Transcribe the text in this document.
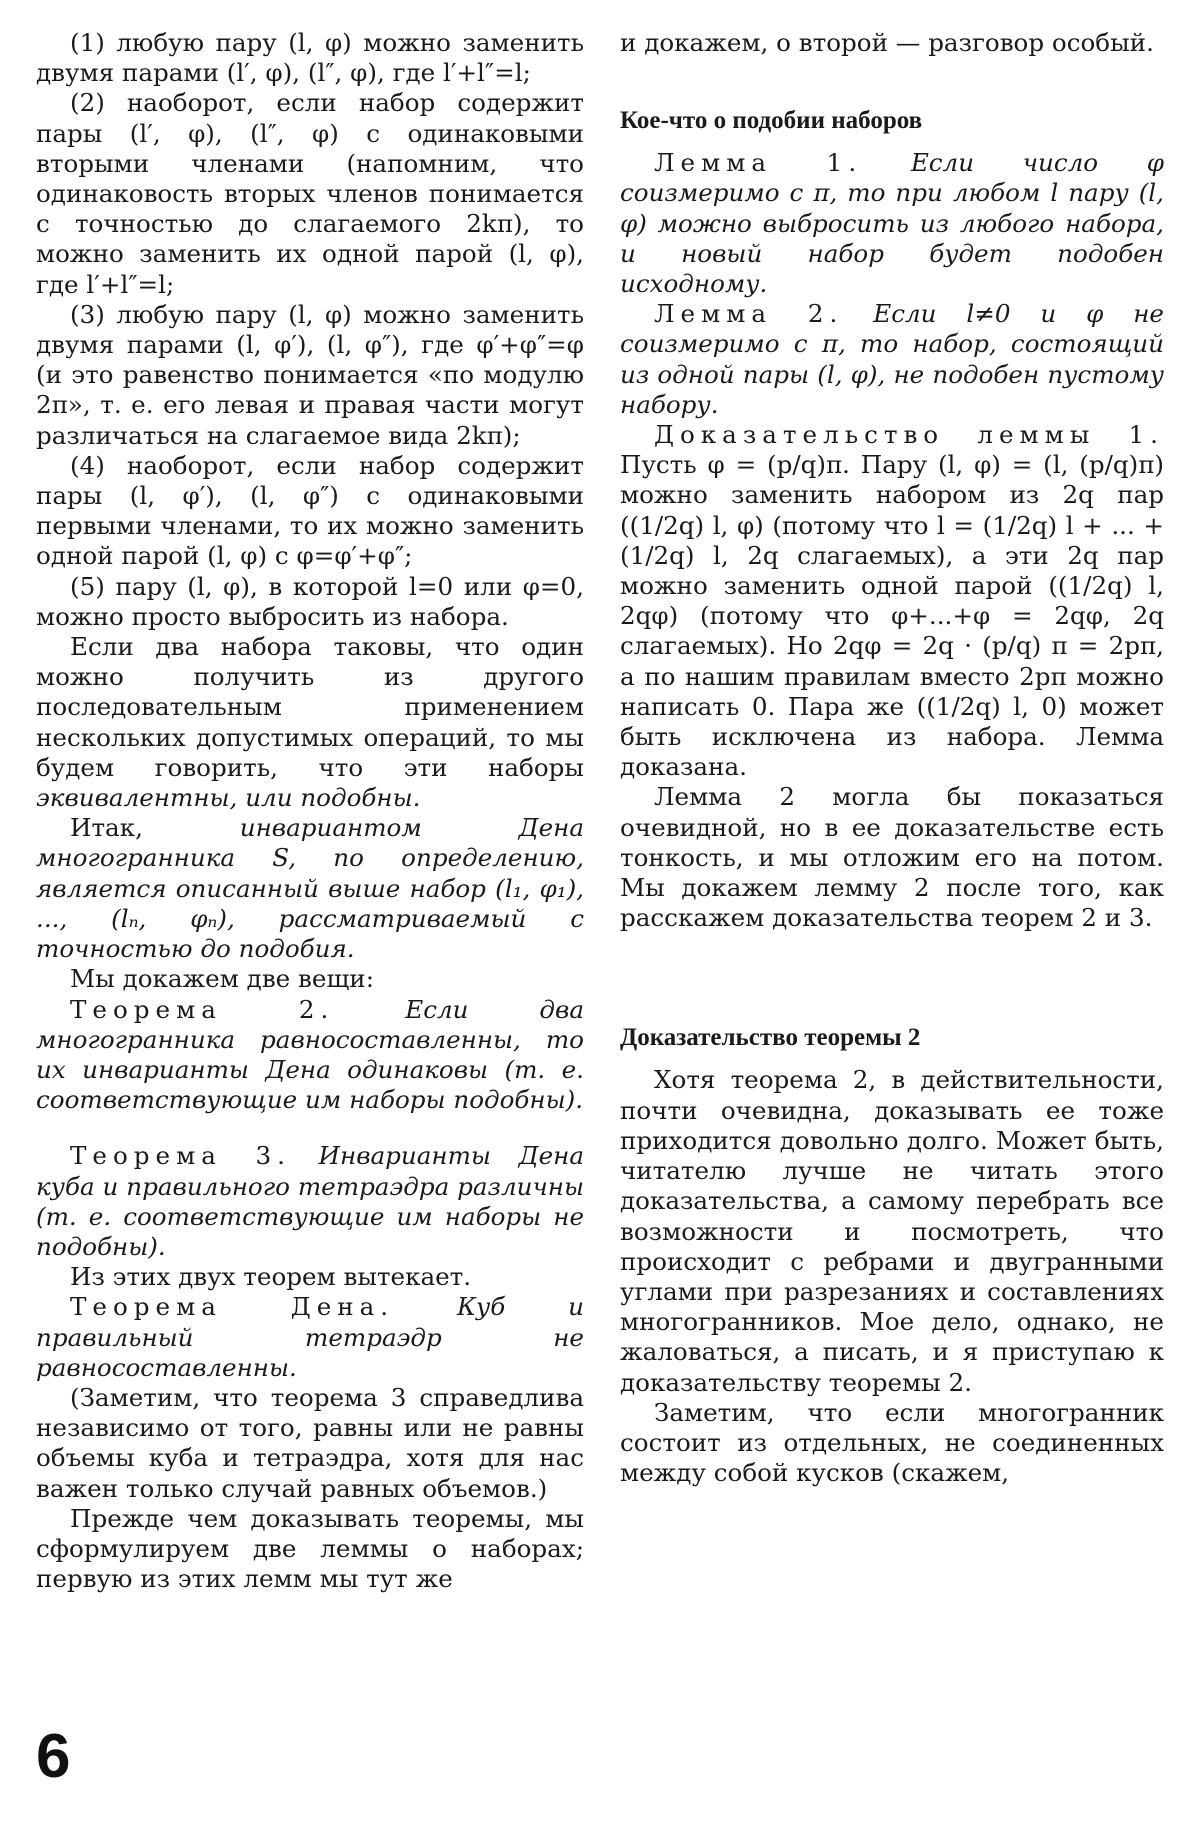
(1) любую пару (l, φ) можно заменить двумя парами (l′, φ), (l″, φ), где l′+l″=l;

(2) наоборот, если набор содержит пары (l′, φ), (l″, φ) с одинаковыми вторыми членами (напомним, что одинаковость вторых членов понимается с точностью до слагаемого 2kπ), то можно заменить их одной парой (l, φ), где l′+l″=l;

(3) любую пару (l, φ) можно заменить двумя парами (l, φ′), (l, φ″), где φ′+φ″=φ (и это равенство понимается «по модулю 2π», т. е. его левая и правая части могут различаться на слагаемое вида 2kπ);

(4) наоборот, если набор содержит пары (l, φ′), (l, φ″) с одинаковыми первыми членами, то их можно заменить одной парой (l, φ) с φ=φ′+φ″;

(5) пару (l, φ), в которой l=0 или φ=0, можно просто выбросить из набора.

Если два набора таковы, что один можно получить из другого последовательным применением нескольких допустимых операций, то мы будем говорить, что эти наборы эквивалентны, или подобны.

Итак,	инвариантом Дена многогранника S, по определению, является описанный выше набор (l₁, φ₁), ..., (lₙ, φₙ), рассматриваемый с точностью до подобия.

Мы докажем две вещи:

Теорема 2.	Если два многогранника равносоставленны, то их инварианты Дена одинаковы (т. е. соответствующие им наборы подобны).

Теорема 3. Инварианты Дена куба и правильного тетраэдра различны (т. е. соответствующие им наборы не подобны).

Из этих двух теорем вытекает.

Теорема Дена.	Куб и правильный тетраэдр не равносоставленны.

(Заметим, что теорема 3 справедлива независимо от того, равны или не равны объемы куба и тетраэдра, хотя для нас важен только случай равных объемов.)

Прежде чем доказывать теоремы, мы сформулируем две леммы о наборах; первую из этих лемм мы тут же

и докажем, о второй — разговор особый.

Кое-что о подобии наборов

Лемма 1. Если число φ соизмеримо с π, то при любом l пару (l, φ) можно выбросить из любого набора, и новый набор будет подобен исходному.

Лемма 2. Если l≠0 и φ не соизмеримо с π, то набор, состоящий из одной пары (l, φ), не подобен пустому набору.

Доказательство леммы 1. Пусть φ = (p/q)π. Пару (l, φ) = (l, (p/q)π) можно заменить набором из 2q пар ((1/2q) l, φ) (потому что l = (1/2q) l + ... + (1/2q) l, 2q слагаемых), а эти 2q пар можно заменить одной парой ((1/2q) l, 2qφ) (потому что φ+...+φ = 2qφ, 2q слагаемых). Но 2qφ = 2q · (p/q) π = 2pπ, а по нашим правилам вместо 2pπ можно написать 0. Пара же ((1/2q) l, 0) может быть исключена из набора. Лемма доказана.

Лемма 2 могла бы показаться очевидной, но в ее доказательстве есть тонкость, и мы отложим его на потом. Мы докажем лемму 2 после того, как расскажем доказательства теорем 2 и 3.

Доказательство теоремы 2

Хотя теорема 2, в действительности, почти очевидна, доказывать ее тоже приходится довольно долго. Может быть, читателю лучше не читать этого доказательства, а самому перебрать все возможности и посмотреть, что происходит с ребрами и двугранными углами при разрезаниях и составлениях многогранников. Мое дело, однако, не жаловаться, а писать, и я приступаю к доказательству теоремы 2.

Заметим, что если многогранник состоит из отдельных, не соединенных между собой кусков (скажем,

6
